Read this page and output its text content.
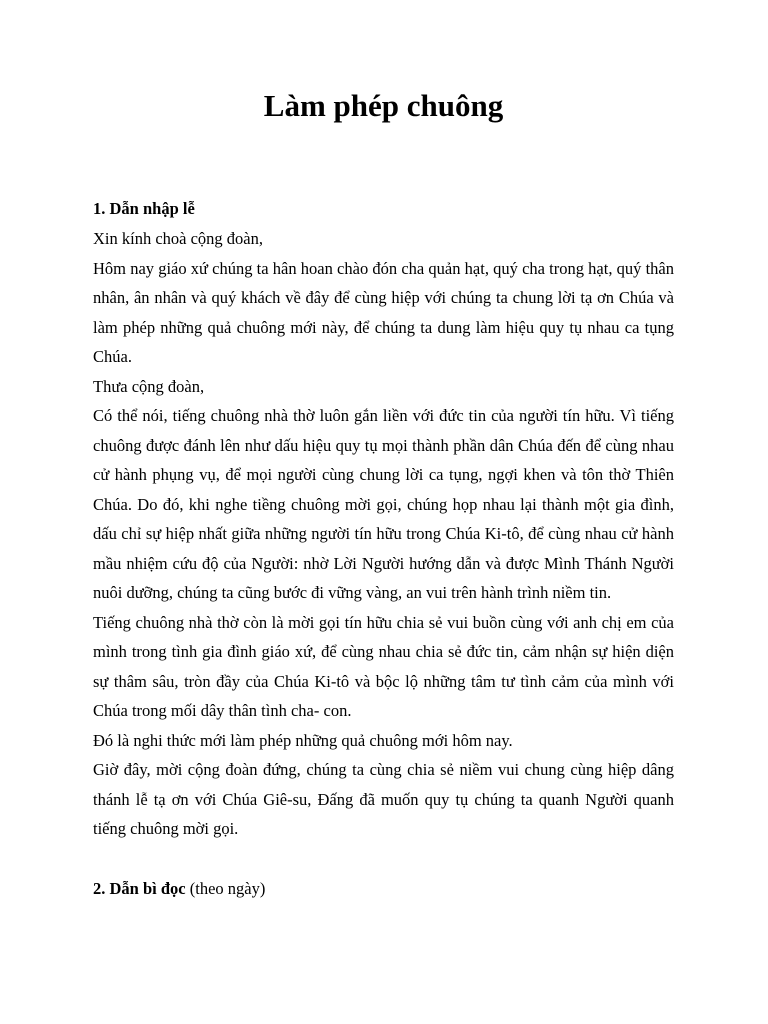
Làm phép chuông

1. Dẫn nhập lễ

Xin kính choà cộng đoàn,

Hôm nay giáo xứ chúng ta hân hoan chào đón cha quản hạt, quý cha trong hạt, quý thân nhân, ân nhân và quý khách về đây để cùng hiệp với chúng ta chung lời tạ ơn Chúa và làm phép những quả chuông mới này, để chúng ta dung làm hiệu quy tụ nhau ca tụng Chúa.

Thưa cộng đoàn,

Có thể nói, tiếng chuông nhà thờ luôn gắn liền với đức tin của người tín hữu. Vì tiếng chuông được đánh lên như dấu hiệu quy tụ mọi thành phần dân Chúa đến để cùng nhau cử hành phụng vụ, để mọi người cùng chung lời ca tụng, ngợi khen và tôn thờ Thiên Chúa. Do đó, khi nghe tiềng chuông mời gọi, chúng họp nhau lại thành một gia đình, dấu chỉ sự hiệp nhất giữa những người tín hữu trong Chúa Ki-tô, để cùng nhau cử hành mầu nhiệm cứu độ của Người: nhờ Lời Người hướng dẫn và được Mình Thánh Người nuôi dưỡng, chúng ta cũng bước đi vững vàng, an vui trên hành trình niềm tin.

Tiếng chuông nhà thờ còn là mời gọi tín hữu chia sẻ vui buồn cùng với anh chị em của mình trong tình gia đình giáo xứ, để cùng nhau chia sẻ đức tin, cảm nhận sự hiện diện sự thâm sâu, tròn đầy của Chúa Ki-tô và bộc lộ những tâm tư tình cảm của mình với Chúa trong mối dây thân tình cha- con.

Đó là nghi thức mới làm phép những quả chuông mới hôm nay.

Giờ đây, mời cộng đoàn đứng, chúng ta cùng chia sẻ niềm vui chung cùng hiệp dâng thánh lễ tạ ơn với Chúa Giê-su, Đấng đã muốn quy tụ chúng ta quanh Người quanh tiếng chuông mời gọi.

2. Dẫn bì đọc (theo ngày)
